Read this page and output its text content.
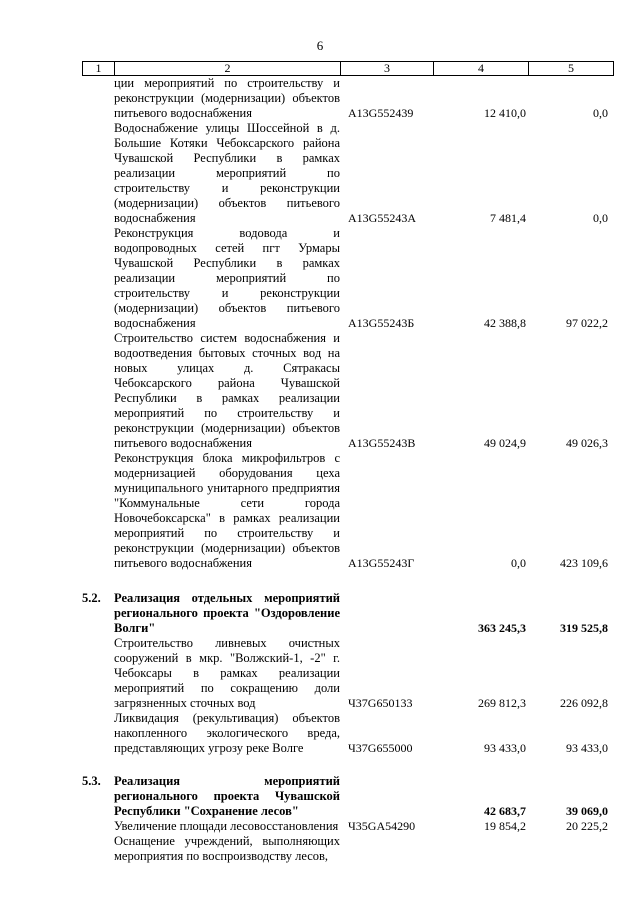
6
1	2	3	4	5
ции мероприятий по строительству и реконструкции (модернизации) объектов питьевого водоснабжения	А13G552439	12 410,0	0,0
Водоснабжение улицы Шоссейной в д. Большие Котяки Чебоксарского района Чувашской Республики в рамках реализации мероприятий по строительству и реконструкции (модернизации) объектов питьевого водоснабжения	А13G55243А	7 481,4	0,0
Реконструкция водовода и водопроводных сетей пгт Урмары Чувашской Республики в рамках реализации мероприятий по строительству и реконструкции (модернизации) объектов питьевого водоснабжения	А13G55243Б	42 388,8	97 022,2
Строительство систем водоснабжения и водоотведения бытовых сточных вод на новых улицах д. Сятракасы Чебоксарского района Чувашской Республики в рамках реализации мероприятий по строительству и реконструкции (модернизации) объектов питьевого водоснабжения	А13G55243В	49 024,9	49 026,3
Реконструкция блока микрофильтров с модернизацией оборудования цеха муниципального унитарного предприятия "Коммунальные сети города Новочебоксарска" в рамках реализации мероприятий по строительству и реконструкции (модернизации) объектов питьевого водоснабжения	А13G55243Г	0,0	423 109,6
5.2.	Реализация отдельных мероприятий регионального проекта "Оздоровление Волги"	363 245,3	319 525,8
Строительство ливневых очистных сооружений в мкр. "Волжский-1, -2" г. Чебоксары в рамках реализации мероприятий по сокращению доли загрязненных сточных вод	Ч37G650133	269 812,3	226 092,8
Ликвидация (рекультивация) объектов накопленного экологического вреда, представляющих угрозу реке Волге	Ч37G655000	93 433,0	93 433,0
5.3.	Реализация мероприятий регионального проекта Чувашской Республики "Сохранение лесов"	42 683,7	39 069,0
Увеличение площади лесовосстановления Ч35GA54290	19 854,2	20 225,2
Оснащение учреждений, выполняющих мероприятия по воспроизводству лесов,
